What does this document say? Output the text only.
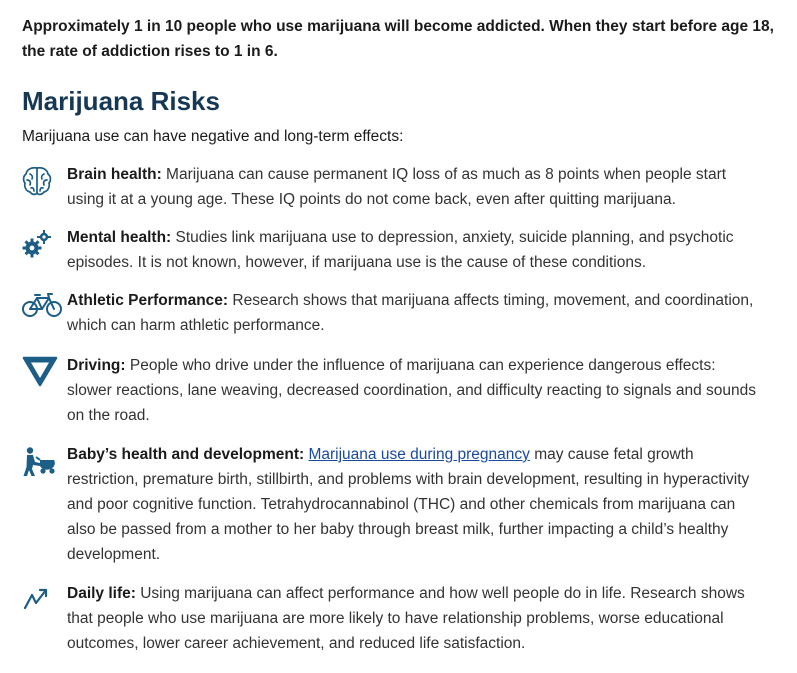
Approximately 1 in 10 people who use marijuana will become addicted. When they start before age 18, the rate of addiction rises to 1 in 6.

Marijuana Risks

Marijuana use can have negative and long-term effects:

Brain health: Marijuana can cause permanent IQ loss of as much as 8 points when people start using it at a young age. These IQ points do not come back, even after quitting marijuana.
Mental health: Studies link marijuana use to depression, anxiety, suicide planning, and psychotic episodes. It is not known, however, if marijuana use is the cause of these conditions.
Athletic Performance: Research shows that marijuana affects timing, movement, and coordination, which can harm athletic performance.
Driving: People who drive under the influence of marijuana can experience dangerous effects: slower reactions, lane weaving, decreased coordination, and difficulty reacting to signals and sounds on the road.
Baby’s health and development: Marijuana use during pregnancy may cause fetal growth restriction, premature birth, stillbirth, and problems with brain development, resulting in hyperactivity and poor cognitive function. Tetrahydrocannabinol (THC) and other chemicals from marijuana can also be passed from a mother to her baby through breast milk, further impacting a child’s healthy development.
Daily life: Using marijuana can affect performance and how well people do in life. Research shows that people who use marijuana are more likely to have relationship problems, worse educational outcomes, lower career achievement, and reduced life satisfaction.
